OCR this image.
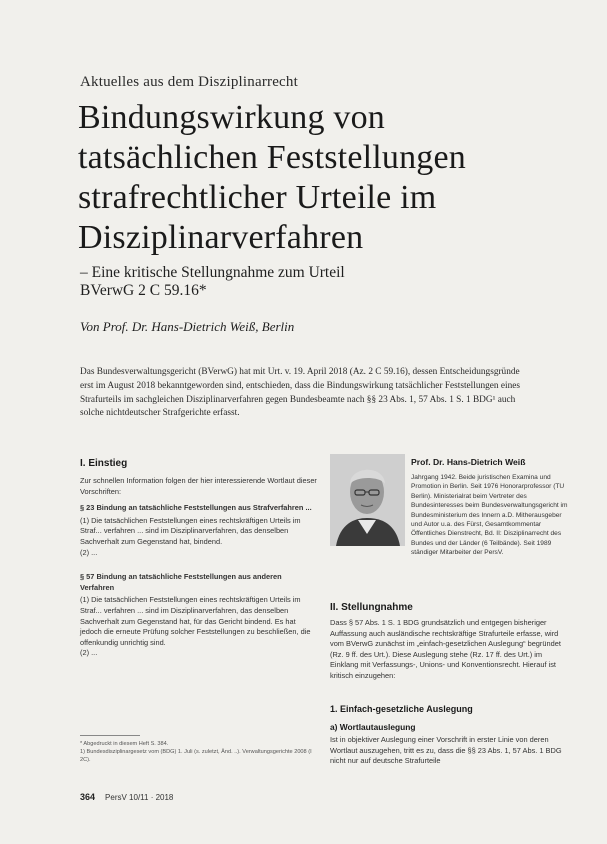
Aktuelles aus dem Disziplinarrecht
Bindungswirkung von
tatsächlichen Feststellungen
strafrechtlicher Urteile im
Disziplinarverfahren
– Eine kritische Stellungnahme zum Urteil
BVerwG 2 C 59.16*
Von Prof. Dr. Hans-Dietrich Weiß, Berlin
Das Bundesverwaltungsgericht (BVerwG) hat mit Urt. v. 19. April 2018 (Az. 2 C 59.16), dessen Entscheidungsgründe erst im August 2018 bekanntgeworden sind, entschieden, dass die Bindungswirkung tatsächlicher Feststellungen eines Strafurteils im sachgleichen Disziplinarverfahren gegen Bundesbeamte nach §§ 23 Abs. 1, 57 Abs. 1 S. 1 BDG¹ auch solche nichtdeutscher Strafgerichte erfasst.
I. Einstieg

Zur schnellen Information folgen der hier interessierende Wortlaut dieser Vorschriften:

§ 23 Bindung an tatsächliche Feststellungen aus Strafverfahren ...

(1) Die tatsächlichen Feststellungen eines rechtskräftigen Urteils im Straf... verfahren ... sind im Disziplinarverfahren, das denselben Sachverhalt zum Gegenstand hat, bindend.

(2) ...

§ 57 Bindung an tatsächliche Feststellungen aus anderen Verfahren

(1) Die tatsächlichen Feststellungen eines rechtskräftigen Urteils im Straf... verfahren ... sind im Disziplinarverfahren, das denselben Sachverhalt zum Gegenstand hat, für das Gericht bindend. Es hat jedoch die erneute Prüfung solcher Feststellungen zu beschließen, die offenkundig unrichtig sind.

(2) ...

* Abgedruckt in diesem Heft S. 384.
1) Bundesdisziplinargesetz vom (BDG) 1. Juli (s. zuletzt, Änd. ..). Verwaltungsgerichte 2008 (I 2C).
Prof. Dr. Hans-Dietrich Weiß
Jahrgang 1942. Beide juristischen Examina und Promotion in Berlin. Seit 1976 Honorarprofessor (TU Berlin). Ministerialrat beim Vertreter des Bundesinteresses beim Bundesverwaltungsgericht im Bundesministerium des Innern a.D. Mitherausgeber und Autor u.a. des Fürst, Gesamtkommentar Öffentliches Dienstrecht, Bd. II: Disziplinarrecht des Bundes und der Länder (6 Teilbände). Seit 1989 ständiger Mitarbeiter der PersV.
II. Stellungnahme
Dass § 57 Abs. 1 S. 1 BDG grundsätzlich und entgegen bisheriger Auffassung auch ausländische rechtskräftige Strafurteile erfasse, wird vom BVerwG zunächst im „einfach-gesetzlichen Auslegung“ begründet (Rz. 9 ff. des Urt.). Diese Auslegung stehe (Rz. 17 ff. des Urt.) im Einklang mit Verfassungs-, Unions- und Konventionsrecht. Hierauf ist kritisch einzugehen:
1. Einfach-gesetzliche Auslegung
a) Wortlautauslegung
Ist in objektiver Auslegung einer Vorschrift in erster Linie von deren Wortlaut auszugehen, tritt es zu, dass die §§ 23 Abs. 1, 57 Abs. 1 BDG nicht nur auf deutsche Strafurteile
364 PersV 10/11 · 2018
